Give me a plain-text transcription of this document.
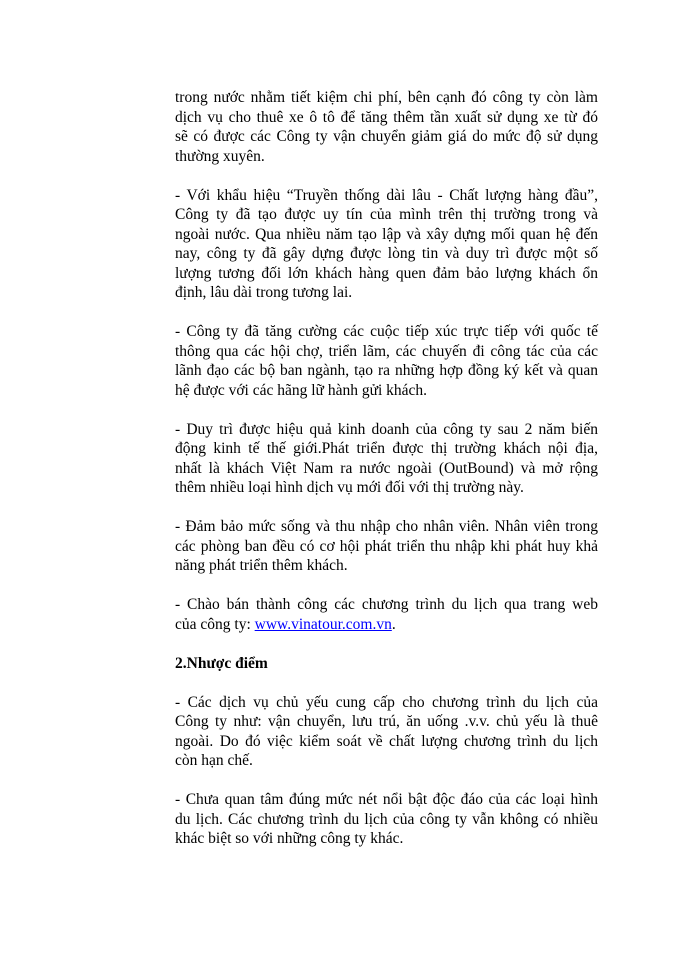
trong nước nhằm tiết kiệm chi phí, bên cạnh đó công ty còn làm
dịch vụ cho thuê xe ô tô để tăng thêm tần xuất sử dụng xe từ đó
sẽ có được các Công ty vận chuyển giảm giá do mức độ sử dụng
thường xuyên.
- Với khẩu hiệu “Truyền thống dài lâu - Chất lượng hàng đầu”,
Công ty đã tạo được uy tín của mình trên thị trường trong và
ngoài nước. Qua nhiều năm tạo lập và xây dựng mối quan hệ đến
nay, công ty đã gây dựng được lòng tin và duy trì được một số
lượng tương đối lớn khách hàng quen đảm bảo lượng khách ổn
định, lâu dài trong tương lai.
- Công ty đã tăng cường các cuộc tiếp xúc trực tiếp với quốc tế
thông qua các hội chợ, triển lãm, các chuyến đi công tác của các
lãnh đạo các bộ ban ngành, tạo ra những hợp đồng ký kết và quan
hệ được với các hãng lữ hành gửi khách.
- Duy trì được hiệu quả kinh doanh của công ty sau 2 năm biến
động kinh tế thế giới.Phát triển được thị trường khách nội địa,
nhất là khách Việt Nam ra nước ngoài (OutBound) và mở rộng
thêm nhiều loại hình dịch vụ mới đối với thị trường này.
- Đảm bảo mức sống và thu nhập cho nhân viên. Nhân viên trong
các phòng ban đều có cơ hội phát triển thu nhập khi phát huy khả
năng phát triển thêm khách.
- Chào bán thành công các chương trình du lịch qua trang web
của công ty: www.vinatour.com.vn.
2.Nhược điểm
- Các dịch vụ chủ yếu cung cấp cho chương trình du lịch của
Công ty như: vận chuyển, lưu trú, ăn uống .v.v. chủ yếu là thuê
ngoài. Do đó việc kiểm soát về chất lượng chương trình du lịch
còn hạn chế.
- Chưa quan tâm đúng mức nét nổi bật độc đáo của các loại hình
du lịch. Các chương trình du lịch của công ty vẫn không có nhiều
khác biệt so với những công ty khác.
